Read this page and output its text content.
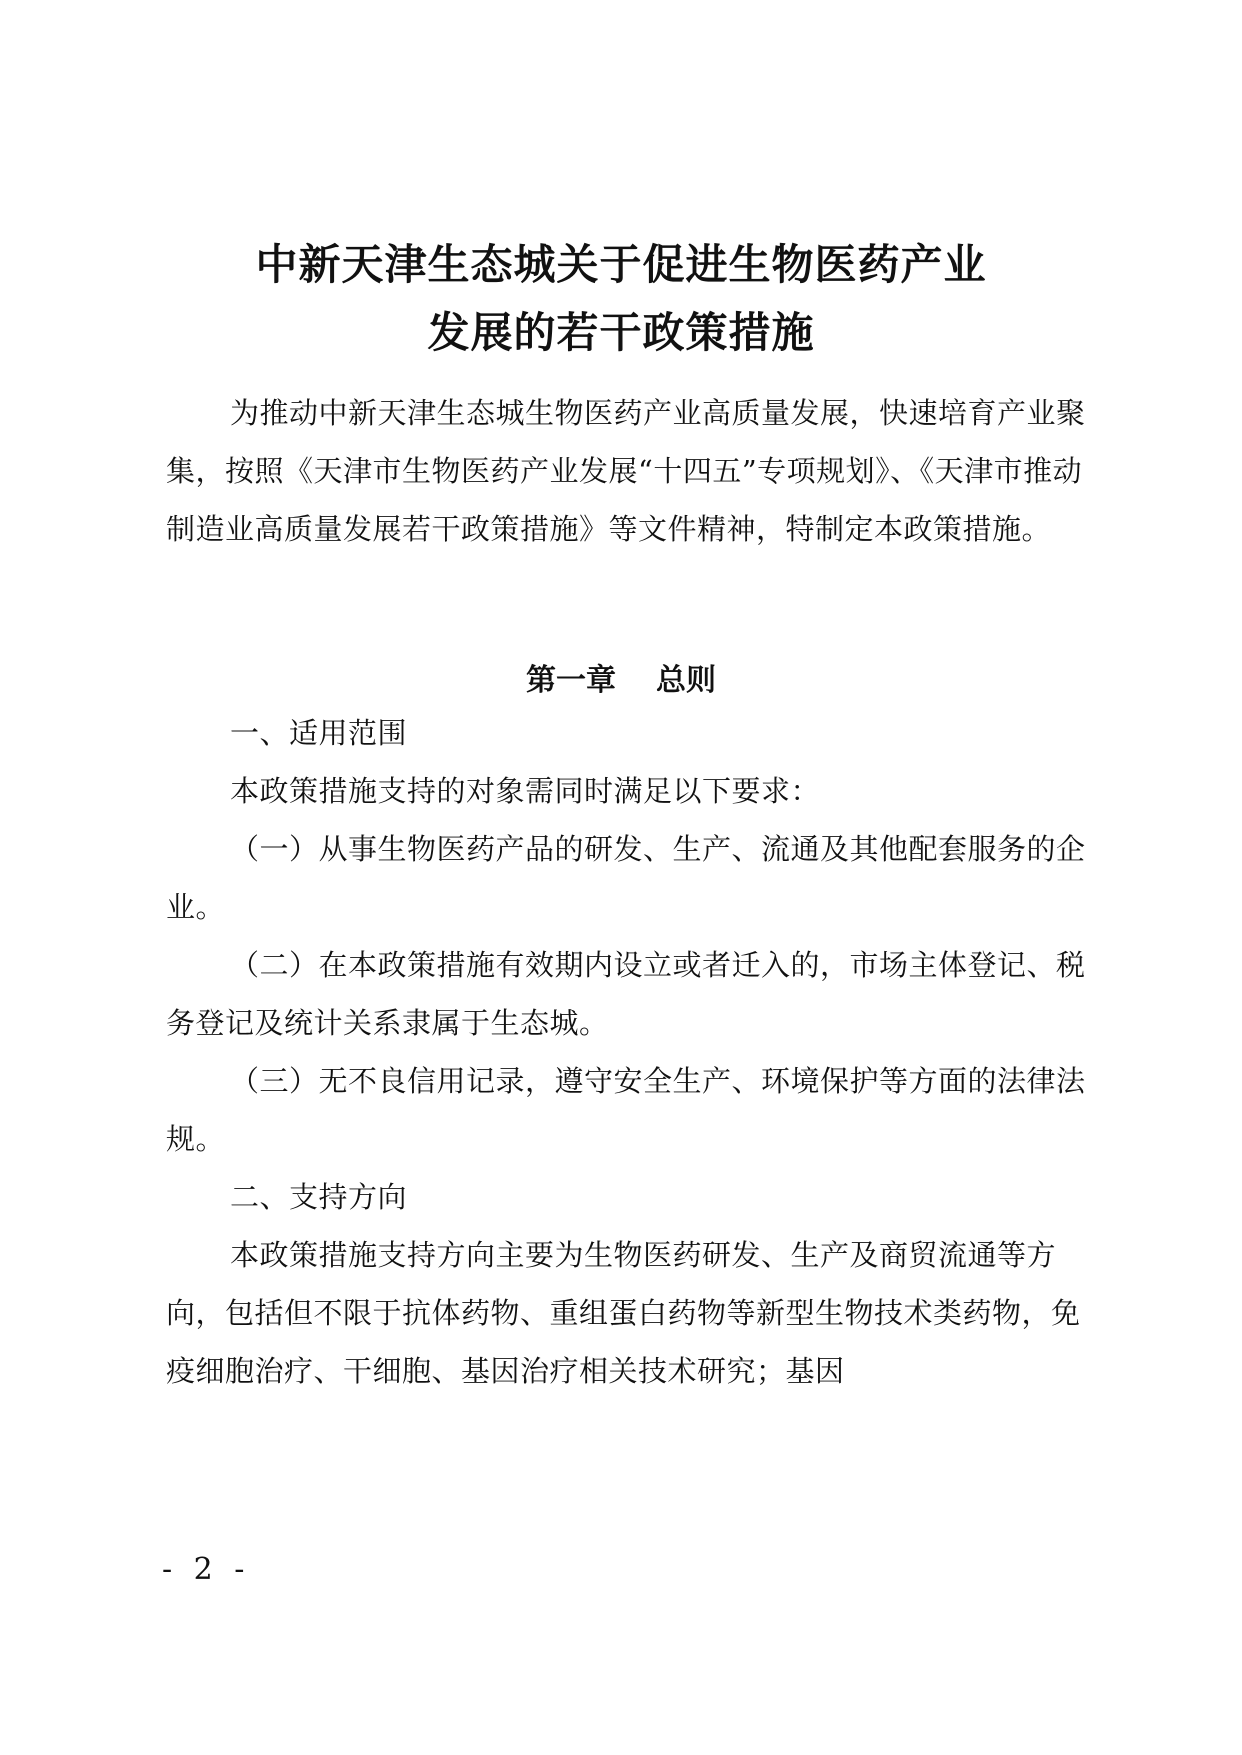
中新天津生态城关于促进生物医药产业
发展的若干政策措施

为推动中新天津生态城生物医药产业高质量发展，快速培育产业聚集，按照《天津市生物医药产业发展“十四五”专项规划》、《天津市推动制造业高质量发展若干政策措施》等文件精神，特制定本政策措施。

第一章 总则

一、适用范围

本政策措施支持的对象需同时满足以下要求：

（一）从事生物医药产品的研发、生产、流通及其他配套服务的企业。

（二）在本政策措施有效期内设立或者迁入的，市场主体登记、税务登记及统计关系隶属于生态城。

（三）无不良信用记录，遵守安全生产、环境保护等方面的法律法规。

二、支持方向

本政策措施支持方向主要为生物医药研发、生产及商贸流通等方向，包括但不限于抗体药物、重组蛋白药物等新型生物技术类药物，免疫细胞治疗、干细胞、基因治疗相关技术研究；基因

- 2 -
